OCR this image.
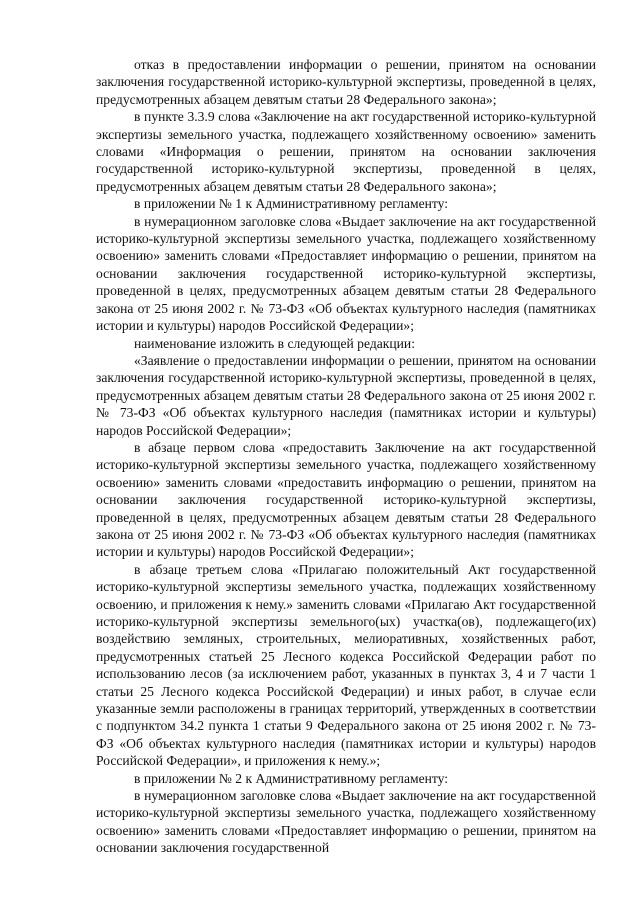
отказ в предоставлении информации о решении, принятом на основании заключения государственной историко-культурной экспертизы, проведенной в целях, предусмотренных абзацем девятым статьи 28 Федерального закона»;

в пункте 3.3.9 слова «Заключение на акт государственной историко-культурной экспертизы земельного участка, подлежащего хозяйственному освоению» заменить словами «Информация о решении, принятом на основании заключения государственной историко-культурной экспертизы, проведенной в целях, предусмотренных абзацем девятым статьи 28 Федерального закона»;

в приложении № 1 к Административному регламенту:

в нумерационном заголовке слова «Выдает заключение на акт государственной историко-культурной экспертизы земельного участка, подлежащего хозяйственному освоению» заменить словами «Предоставляет информацию о решении, принятом на основании заключения государственной историко-культурной экспертизы, проведенной в целях, предусмотренных абзацем девятым статьи 28 Федерального закона от 25 июня 2002 г. № 73-ФЗ «Об объектах культурного наследия (памятниках истории и культуры) народов Российской Федерации»;

наименование изложить в следующей редакции:

«Заявление о предоставлении информации о решении, принятом на основании заключения государственной историко-культурной экспертизы, проведенной в целях, предусмотренных абзацем девятым статьи 28 Федерального закона от 25 июня 2002 г. № 73-ФЗ «Об объектах культурного наследия (памятниках истории и культуры) народов Российской Федерации»;

в абзаце первом слова «предоставить Заключение на акт государственной историко-культурной экспертизы земельного участка, подлежащего хозяйственному освоению» заменить словами «предоставить информацию о решении, принятом на основании заключения государственной историко-культурной экспертизы, проведенной в целях, предусмотренных абзацем девятым статьи 28 Федерального закона от 25 июня 2002 г. № 73-ФЗ «Об объектах культурного наследия (памятниках истории и культуры) народов Российской Федерации»;

в абзаце третьем слова «Прилагаю положительный Акт государственной историко-культурной экспертизы земельного участка, подлежащих хозяйственному освоению, и приложения к нему.» заменить словами «Прилагаю Акт государственной историко-культурной экспертизы земельного(ых) участка(ов), подлежащего(их) воздействию земляных, строительных, мелиоративных, хозяйственных работ, предусмотренных статьей 25 Лесного кодекса Российской Федерации работ по использованию лесов (за исключением работ, указанных в пунктах 3, 4 и 7 части 1 статьи 25 Лесного кодекса Российской Федерации) и иных работ, в случае если указанные земли расположены в границах территорий, утвержденных в соответствии с подпунктом 34.2 пункта 1 статьи 9 Федерального закона от 25 июня 2002 г. № 73-ФЗ «Об объектах культурного наследия (памятниках истории и культуры) народов Российской Федерации», и приложения к нему.»;

в приложении № 2 к Административному регламенту:

в нумерационном заголовке слова «Выдает заключение на акт государственной историко-культурной экспертизы земельного участка, подлежащего хозяйственному освоению» заменить словами «Предоставляет информацию о решении, принятом на основании заключения государственной
